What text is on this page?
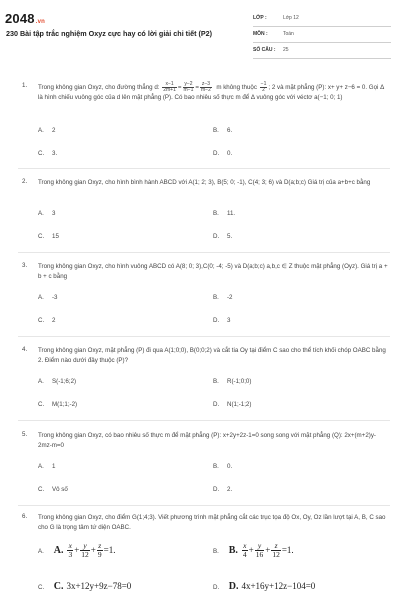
2048.vn
230 Bài tập trắc nghiệm Oxyz cực hay có lời giải chi tiết (P2)
LỚP :	Lớp 12
MÔN :	Toán
SỐ CÂU : 25
1. Trong không gian Oxyz, cho đường thẳng d: $\frac{x-1}{2m+1} = \frac{y-2}{m-1} = \frac{z-3}{m-2}$ m không thuộc $\frac{-1}{2}$ ; 2 và mặt phẳng (P): x+ y+ z−6 = 0. Gọi Δ là hình chiếu vuông góc của d lên mặt phẳng (P). Có bao nhiêu số thực m để Δ vuông góc với véctơ a(−1; 0; 1)
A. 2	B. 6.
C. 3.	D. 0.
2. Trong không gian Oxyz, cho hình bình hành ABCD với A(1; 2; 3), B(5; 0; -1), C(4; 3; 6) và D(a;b;c) Giá trị của a+b+c bằng
A. 3	B. 11.
C. 15	D. 5.
3. Trong không gian Oxyz, cho hình vuông ABCD có A(8; 0; 3),C(0; -4; -5) và D(a;b;c) a,b,c ∈ Z thuộc mặt phẳng (Oyz). Giá trị a + b + c bằng
A. -3	B. -2
C. 2	D. 3
4. Trong không gian Oxyz, mặt phẳng (P) đi qua A(1;0;0), B(0;0;2) và cắt tia Oy tại điểm C sao cho thể tích khối chóp OABC bằng 2. Điểm nào dưới đây thuộc (P)?
A. S(-1;6;2)	B. R(-1;0;0)
C. M(1;1;-2)	D. N(1;-1;2)
5. Trong không gian Oxyz, có bao nhiêu số thực m để mặt phẳng (P): x+2y+2z-1=0 song song với mặt phẳng (Q): 2x+(m+2)y-2mz-m=0
A. 1	B. 0.
C. Vô số	D. 2.
6. Trong không gian Oxyz, cho điểm G(1;4;3). Viết phương trình mặt phẳng cắt các trục tọa độ Ox, Oy, Oz lần lượt tại A, B, C sao cho G là trọng tâm tứ diện OABC.
A. A. $\frac{x}{3} + \frac{y}{12} + \frac{z}{9} =1$.	B. B. $\frac{x}{4} + \frac{y}{16} + \frac{z}{12} =1$.
C. C. 3x+12y+9z−78=0	D. D. 4x+16y+12z−104=0
